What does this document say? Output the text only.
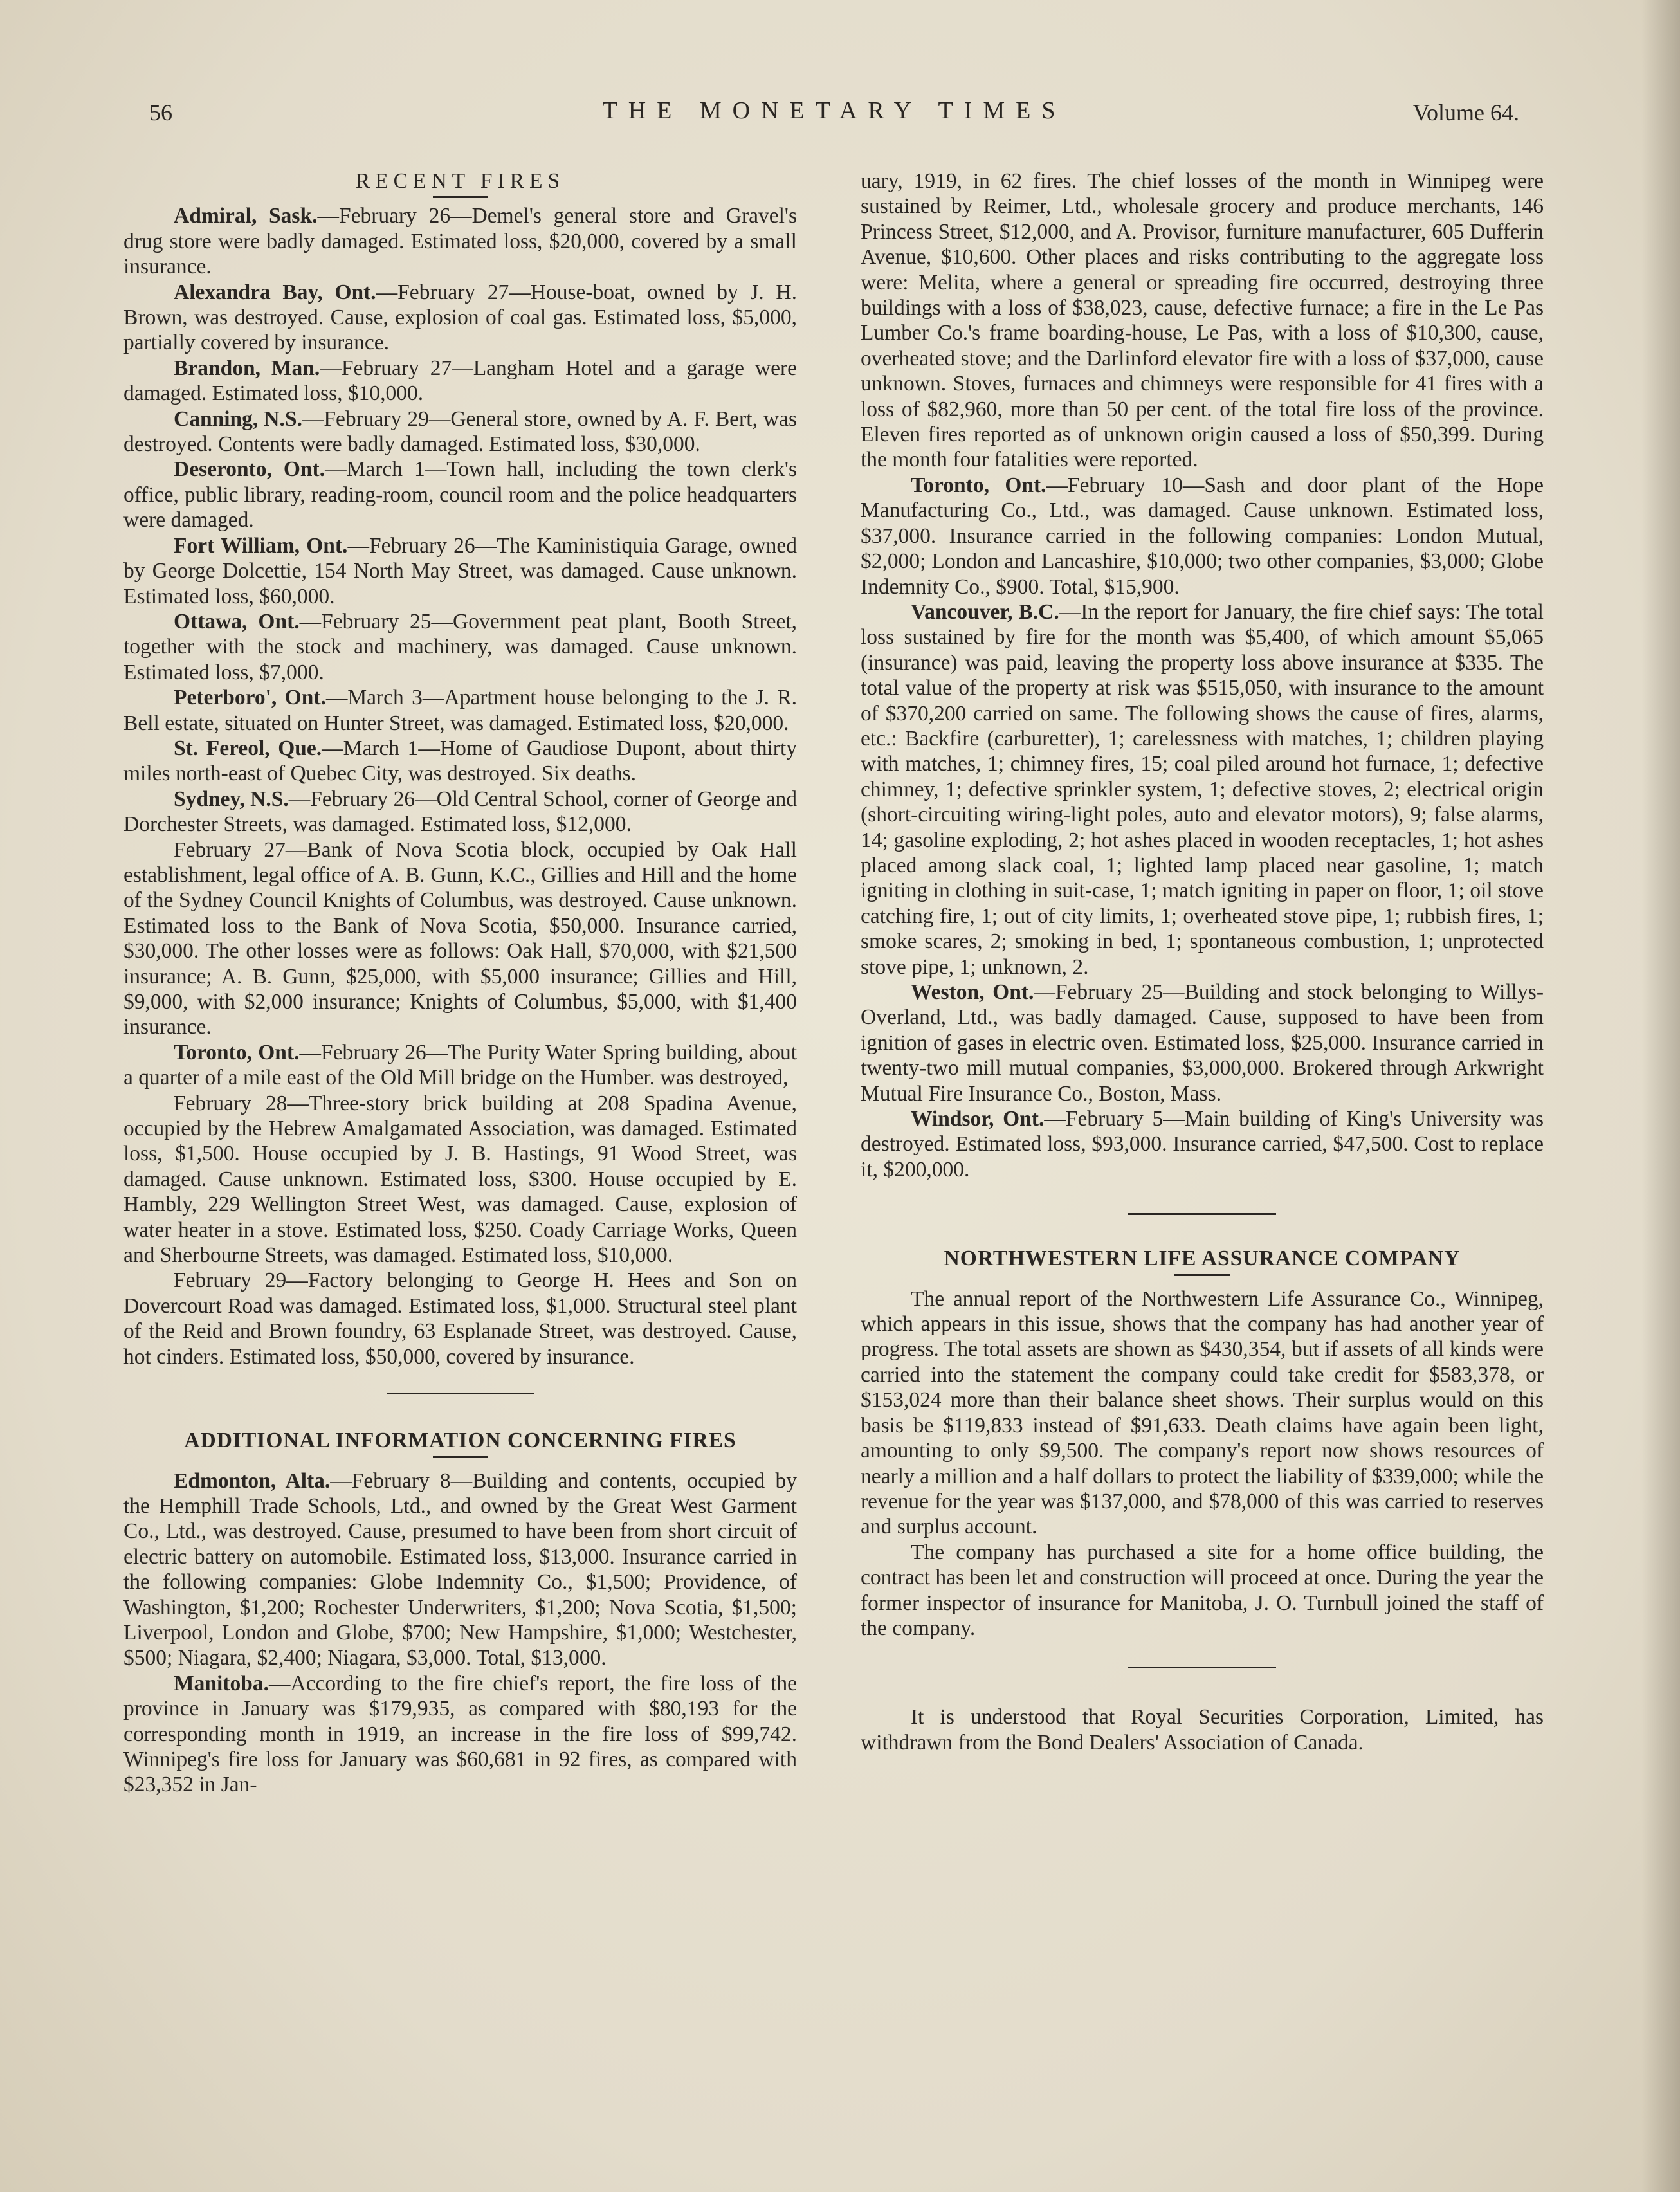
56	THE MONETARY TIMES	Volume 64.
RECENT FIRES

Admiral, Sask.—February 26—Demel's general store and Gravel's drug store were badly damaged. Estimated loss, $20,000, covered by a small insurance.

Alexandra Bay, Ont.—February 27—House-boat, owned by J. H. Brown, was destroyed. Cause, explosion of coal gas. Estimated loss, $5,000, partially covered by insurance.

Brandon, Man.—February 27—Langham Hotel and a garage were damaged. Estimated loss, $10,000.

Canning, N.S.—February 29—General store, owned by A. F. Bert, was destroyed. Contents were badly damaged. Estimated loss, $30,000.

Deseronto, Ont.—March 1—Town hall, including the town clerk's office, public library, reading-room, council room and the police headquarters were damaged.

Fort William, Ont.—February 26—The Kaministiquia Garage, owned by George Dolcettie, 154 North May Street, was damaged. Cause unknown. Estimated loss, $60,000.

Ottawa, Ont.—February 25—Government peat plant, Booth Street, together with the stock and machinery, was damaged. Cause unknown. Estimated loss, $7,000.

Peterboro', Ont.—March 3—Apartment house belonging to the J. R. Bell estate, situated on Hunter Street, was damaged. Estimated loss, $20,000.

St. Fereol, Que.—March 1—Home of Gaudiose Dupont, about thirty miles north-east of Quebec City, was destroyed. Six deaths.

Sydney, N.S.—February 26—Old Central School, corner of George and Dorchester Streets, was damaged. Estimated loss, $12,000.

February 27—Bank of Nova Scotia block, occupied by Oak Hall establishment, legal office of A. B. Gunn, K.C., Gillies and Hill and the home of the Sydney Council Knights of Columbus, was destroyed. Cause unknown. Estimated loss to the Bank of Nova Scotia, $50,000. Insurance carried, $30,000. The other losses were as follows: Oak Hall, $70,000, with $21,500 insurance; A. B. Gunn, $25,000, with $5,000 insurance; Gillies and Hill, $9,000, with $2,000 insurance; Knights of Columbus, $5,000, with $1,400 insurance.

Toronto, Ont.—February 26—The Purity Water Spring building, about a quarter of a mile east of the Old Mill bridge on the Humber. was destroyed,

February 28—Three-story brick building at 208 Spadina Avenue, occupied by the Hebrew Amalgamated Association, was damaged. Estimated loss, $1,500. House occupied by J. B. Hastings, 91 Wood Street, was damaged. Cause unknown. Estimated loss, $300. House occupied by E. Hambly, 229 Wellington Street West, was damaged. Cause, explosion of water heater in a stove. Estimated loss, $250. Coady Carriage Works, Queen and Sherbourne Streets, was damaged. Estimated loss, $10,000.

February 29—Factory belonging to George H. Hees and Son on Dovercourt Road was damaged. Estimated loss, $1,000. Structural steel plant of the Reid and Brown foundry, 63 Esplanade Street, was destroyed. Cause, hot cinders. Estimated loss, $50,000, covered by insurance.

ADDITIONAL INFORMATION CONCERNING FIRES

Edmonton, Alta.—February 8—Building and contents, occupied by the Hemphill Trade Schools, Ltd., and owned by the Great West Garment Co., Ltd., was destroyed. Cause, presumed to have been from short circuit of electric battery on automobile. Estimated loss, $13,000. Insurance carried in the following companies: Globe Indemnity Co., $1,500; Providence, of Washington, $1,200; Rochester Underwriters, $1,200; Nova Scotia, $1,500; Liverpool, London and Globe, $700; New Hampshire, $1,000; Westchester, $500; Niagara, $2,400; Niagara, $3,000. Total, $13,000.

Manitoba.—According to the fire chief's report, the fire loss of the province in January was $179,935, as compared with $80,193 for the corresponding month in 1919, an increase in the fire loss of $99,742. Winnipeg's fire loss for January was $60,681 in 92 fires, as compared with $23,352 in Jan-

uary, 1919, in 62 fires. The chief losses of the month in Winnipeg were sustained by Reimer, Ltd., wholesale grocery and produce merchants, 146 Princess Street, $12,000, and A. Provisor, furniture manufacturer, 605 Dufferin Avenue, $10,600. Other places and risks contributing to the aggregate loss were: Melita, where a general or spreading fire occurred, destroying three buildings with a loss of $38,023, cause, defective furnace; a fire in the Le Pas Lumber Co.'s frame boarding-house, Le Pas, with a loss of $10,300, cause, overheated stove; and the Darlinford elevator fire with a loss of $37,000, cause unknown. Stoves, furnaces and chimneys were responsible for 41 fires with a loss of $82,960, more than 50 per cent. of the total fire loss of the province. Eleven fires reported as of unknown origin caused a loss of $50,399. During the month four fatalities were reported.

Toronto, Ont.—February 10—Sash and door plant of the Hope Manufacturing Co., Ltd., was damaged. Cause unknown. Estimated loss, $37,000. Insurance carried in the following companies: London Mutual, $2,000; London and Lancashire, $10,000; two other companies, $3,000; Globe Indemnity Co., $900. Total, $15,900.

Vancouver, B.C.—In the report for January, the fire chief says: The total loss sustained by fire for the month was $5,400, of which amount $5,065 (insurance) was paid, leaving the property loss above insurance at $335. The total value of the property at risk was $515,050, with insurance to the amount of $370,200 carried on same. The following shows the cause of fires, alarms, etc.: Backfire (carburetter), 1; carelessness with matches, 1; children playing with matches, 1; chimney fires, 15; coal piled around hot furnace, 1; defective chimney, 1; defective sprinkler system, 1; defective stoves, 2; electrical origin (short-circuiting wiring-light poles, auto and elevator motors), 9; false alarms, 14; gasoline exploding, 2; hot ashes placed in wooden receptacles, 1; hot ashes placed among slack coal, 1; lighted lamp placed near gasoline, 1; match igniting in clothing in suit-case, 1; match igniting in paper on floor, 1; oil stove catching fire, 1; out of city limits, 1; overheated stove pipe, 1; rubbish fires, 1; smoke scares, 2; smoking in bed, 1; spontaneous combustion, 1; unprotected stove pipe, 1; unknown, 2.

Weston, Ont.—February 25—Building and stock belonging to Willys-Overland, Ltd., was badly damaged. Cause, supposed to have been from ignition of gases in electric oven. Estimated loss, $25,000. Insurance carried in twenty-two mill mutual companies, $3,000,000. Brokered through Arkwright Mutual Fire Insurance Co., Boston, Mass.

Windsor, Ont.—February 5—Main building of King's University was destroyed. Estimated loss, $93,000. Insurance carried, $47,500. Cost to replace it, $200,000.

NORTHWESTERN LIFE ASSURANCE COMPANY

The annual report of the Northwestern Life Assurance Co., Winnipeg, which appears in this issue, shows that the company has had another year of progress. The total assets are shown as $430,354, but if assets of all kinds were carried into the statement the company could take credit for $583,378, or $153,024 more than their balance sheet shows. Their surplus would on this basis be $119,833 instead of $91,633. Death claims have again been light, amounting to only $9,500. The company's report now shows resources of nearly a million and a half dollars to protect the liability of $339,000; while the revenue for the year was $137,000, and $78,000 of this was carried to reserves and surplus account.

The company has purchased a site for a home office building, the contract has been let and construction will proceed at once. During the year the former inspector of insurance for Manitoba, J. O. Turnbull joined the staff of the company.

It is understood that Royal Securities Corporation, Limited, has withdrawn from the Bond Dealers' Association of Canada.
